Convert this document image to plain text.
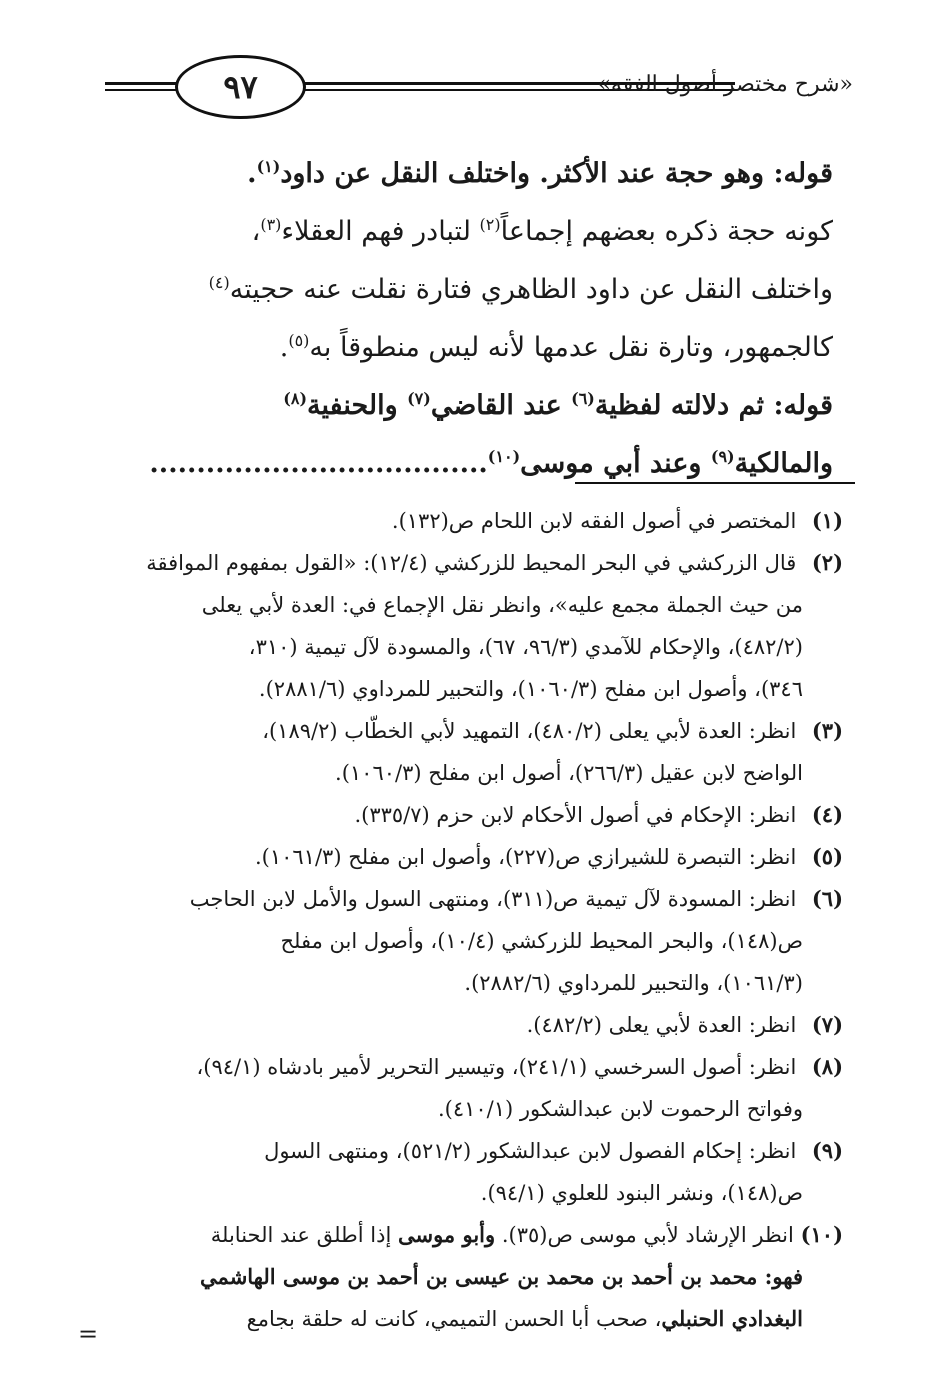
٩٧	«شرح مختصر أصول الفقه»
قوله: وهو حجة عند الأكثر. واختلف النقل عن داود$^{(١)}$.
كونه حجة ذكره بعضهم إجماعاً$^{(٢)}$ لتبادر فهم العقلاء$^{(٣)}$،
واختلف النقل عن داود الظاهري فتارة نقلت عنه حجيته$^{(٤)}$
كالجمهور، وتارة نقل عدمها لأنه ليس منطوقاً به$^{(٥)}$.
قوله: ثم دلالته لفظية$^{(٦)}$ عند القاضي$^{(٧)}$ والحنفية$^{(٨)}$
والمالكية$^{(٩)}$ وعند أبي موسى$^{(١٠)}$....................................
(١) المختصر في أصول الفقه لابن اللحام ص(١٣٢).
(٢) قال الزركشي في البحر المحيط للزركشي (١٢/٤): «القول بمفهوم الموافقة
من حيث الجملة مجمع عليه»، وانظر نقل الإجماع في: العدة لأبي يعلى
(٤٨٢/٢)، والإحكام للآمدي (٩٦/٣، ٦٧)، والمسودة لآل تيمية (٣١٠،
٣٤٦)، وأصول ابن مفلح (١٠٦٠/٣)، والتحبير للمرداوي (٢٨٨١/٦).
(٣) انظر: العدة لأبي يعلى (٤٨٠/٢)، التمهيد لأبي الخطّاب (١٨٩/٢)،
الواضح لابن عقيل (٢٦٦/٣)، أصول ابن مفلح (١٠٦٠/٣).
(٤) انظر: الإحكام في أصول الأحكام لابن حزم (٣٣٥/٧).
(٥) انظر: التبصرة للشيرازي ص(٢٢٧)، وأصول ابن مفلح (١٠٦١/٣).
(٦) انظر: المسودة لآل تيمية ص(٣١١)، ومنتهى السول والأمل لابن الحاجب
ص(١٤٨)، والبحر المحيط للزركشي (١٠/٤)، وأصول ابن مفلح
(١٠٦١/٣)، والتحبير للمرداوي (٢٨٨٢/٦).
(٧) انظر: العدة لأبي يعلى (٤٨٢/٢).
(٨) انظر: أصول السرخسي (٢٤١/١)، وتيسير التحرير لأمير بادشاه (٩٤/١)،
وفواتح الرحموت لابن عبدالشكور (٤١٠/١).
(٩) انظر: إحكام الفصول لابن عبدالشكور (٥٢١/٢)، ومنتهى السول
ص(١٤٨)، ونشر البنود للعلوي (٩٤/١).
(١٠) انظر الإرشاد لأبي موسى ص(٣٥). وأبو موسى إذا أطلق عند الحنابلة
فهو: محمد بن أحمد بن محمد بن عيسى بن أحمد بن موسى الهاشمي
البغدادي الحنبلي، صحب أبا الحسن التميمي، كانت له حلقة بجامع
=
